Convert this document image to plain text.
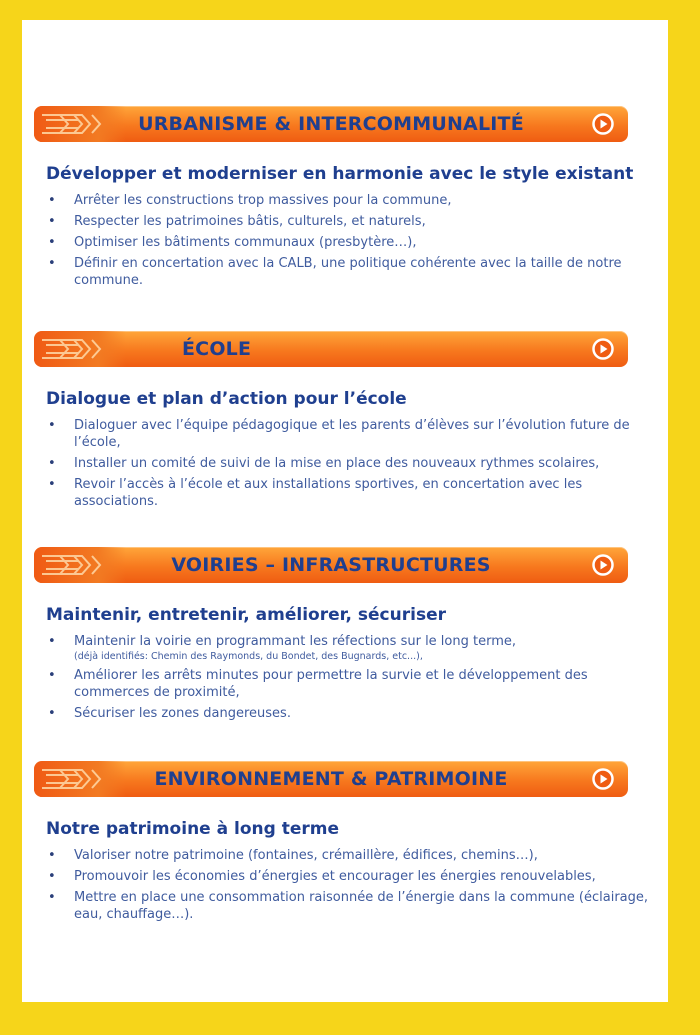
URBANISME & INTERCOMMUNALITÉ
Développer et moderniser en harmonie avec le style existant
• Arrêter les constructions trop massives pour la commune,
• Respecter les patrimoines bâtis, culturels, et naturels,
• Optimiser les bâtiments communaux (presbytère…),
• Définir en concertation avec la CALB, une politique cohérente avec la taille de notre commune.
ÉCOLE
Dialogue et plan d’action pour l’école
• Dialoguer avec l’équipe pédagogique et les parents d’élèves sur l’évolution future de l’école,
• Installer un comité de suivi de la mise en place des nouveaux rythmes scolaires,
• Revoir l’accès à l’école et aux installations sportives, en concertation avec les associations.
VOIRIES – INFRASTRUCTURES
Maintenir, entretenir, améliorer, sécuriser
• Maintenir la voirie en programmant les réfections sur le long terme,
(déjà identifiés: Chemin des Raymonds, du Bondet, des Bugnards, etc...),
• Améliorer les arrêts minutes pour permettre la survie et le développement des commerces de proximité,
• Sécuriser les zones dangereuses.
ENVIRONNEMENT & PATRIMOINE
Notre patrimoine à long terme
• Valoriser notre patrimoine (fontaines, crémaillère, édifices, chemins…),
• Promouvoir les économies d’énergies et encourager les énergies renouvelables,
• Mettre en place une consommation raisonnée de l’énergie dans la commune (éclairage, eau, chauffage…).
